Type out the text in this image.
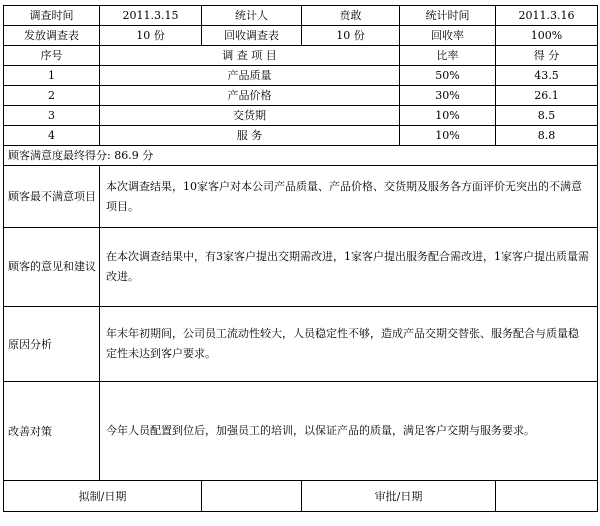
调查时间	2011.3.15	统计人	贲敢	统计时间	2011.3.16
发放调查表	10 份	回收调查表	10 份	回收率	100%
序号	调 查 项 目			比率	得 分
1	产品质量			50%	43.5
2	产品价格			30%	26.1
3	交货期			10%	8.5
4	服 务			10%	8.8
顾客满意度最终得分: 86.9 分					
顾客最不满意项目	本次调查结果，10家客户对本公司产品质量、产品价格、交货期及服务各方面评价无突出的不满意项目。				
顾客的意见和建议	在本次调查结果中，有3家客户提出交期需改进，1家客户提出服务配合需改进，1家客户提出质量需改进。				
原因分析	年末年初期间，公司员工流动性较大，人员稳定性不够，造成产品交期交替张、服务配合与质量稳定性未达到客户要求。				
改善对策	今年人员配置到位后，加强员工的培训，以保证产品的质量，满足客户交期与服务要求。				
拟制/日期			审批/日期		
